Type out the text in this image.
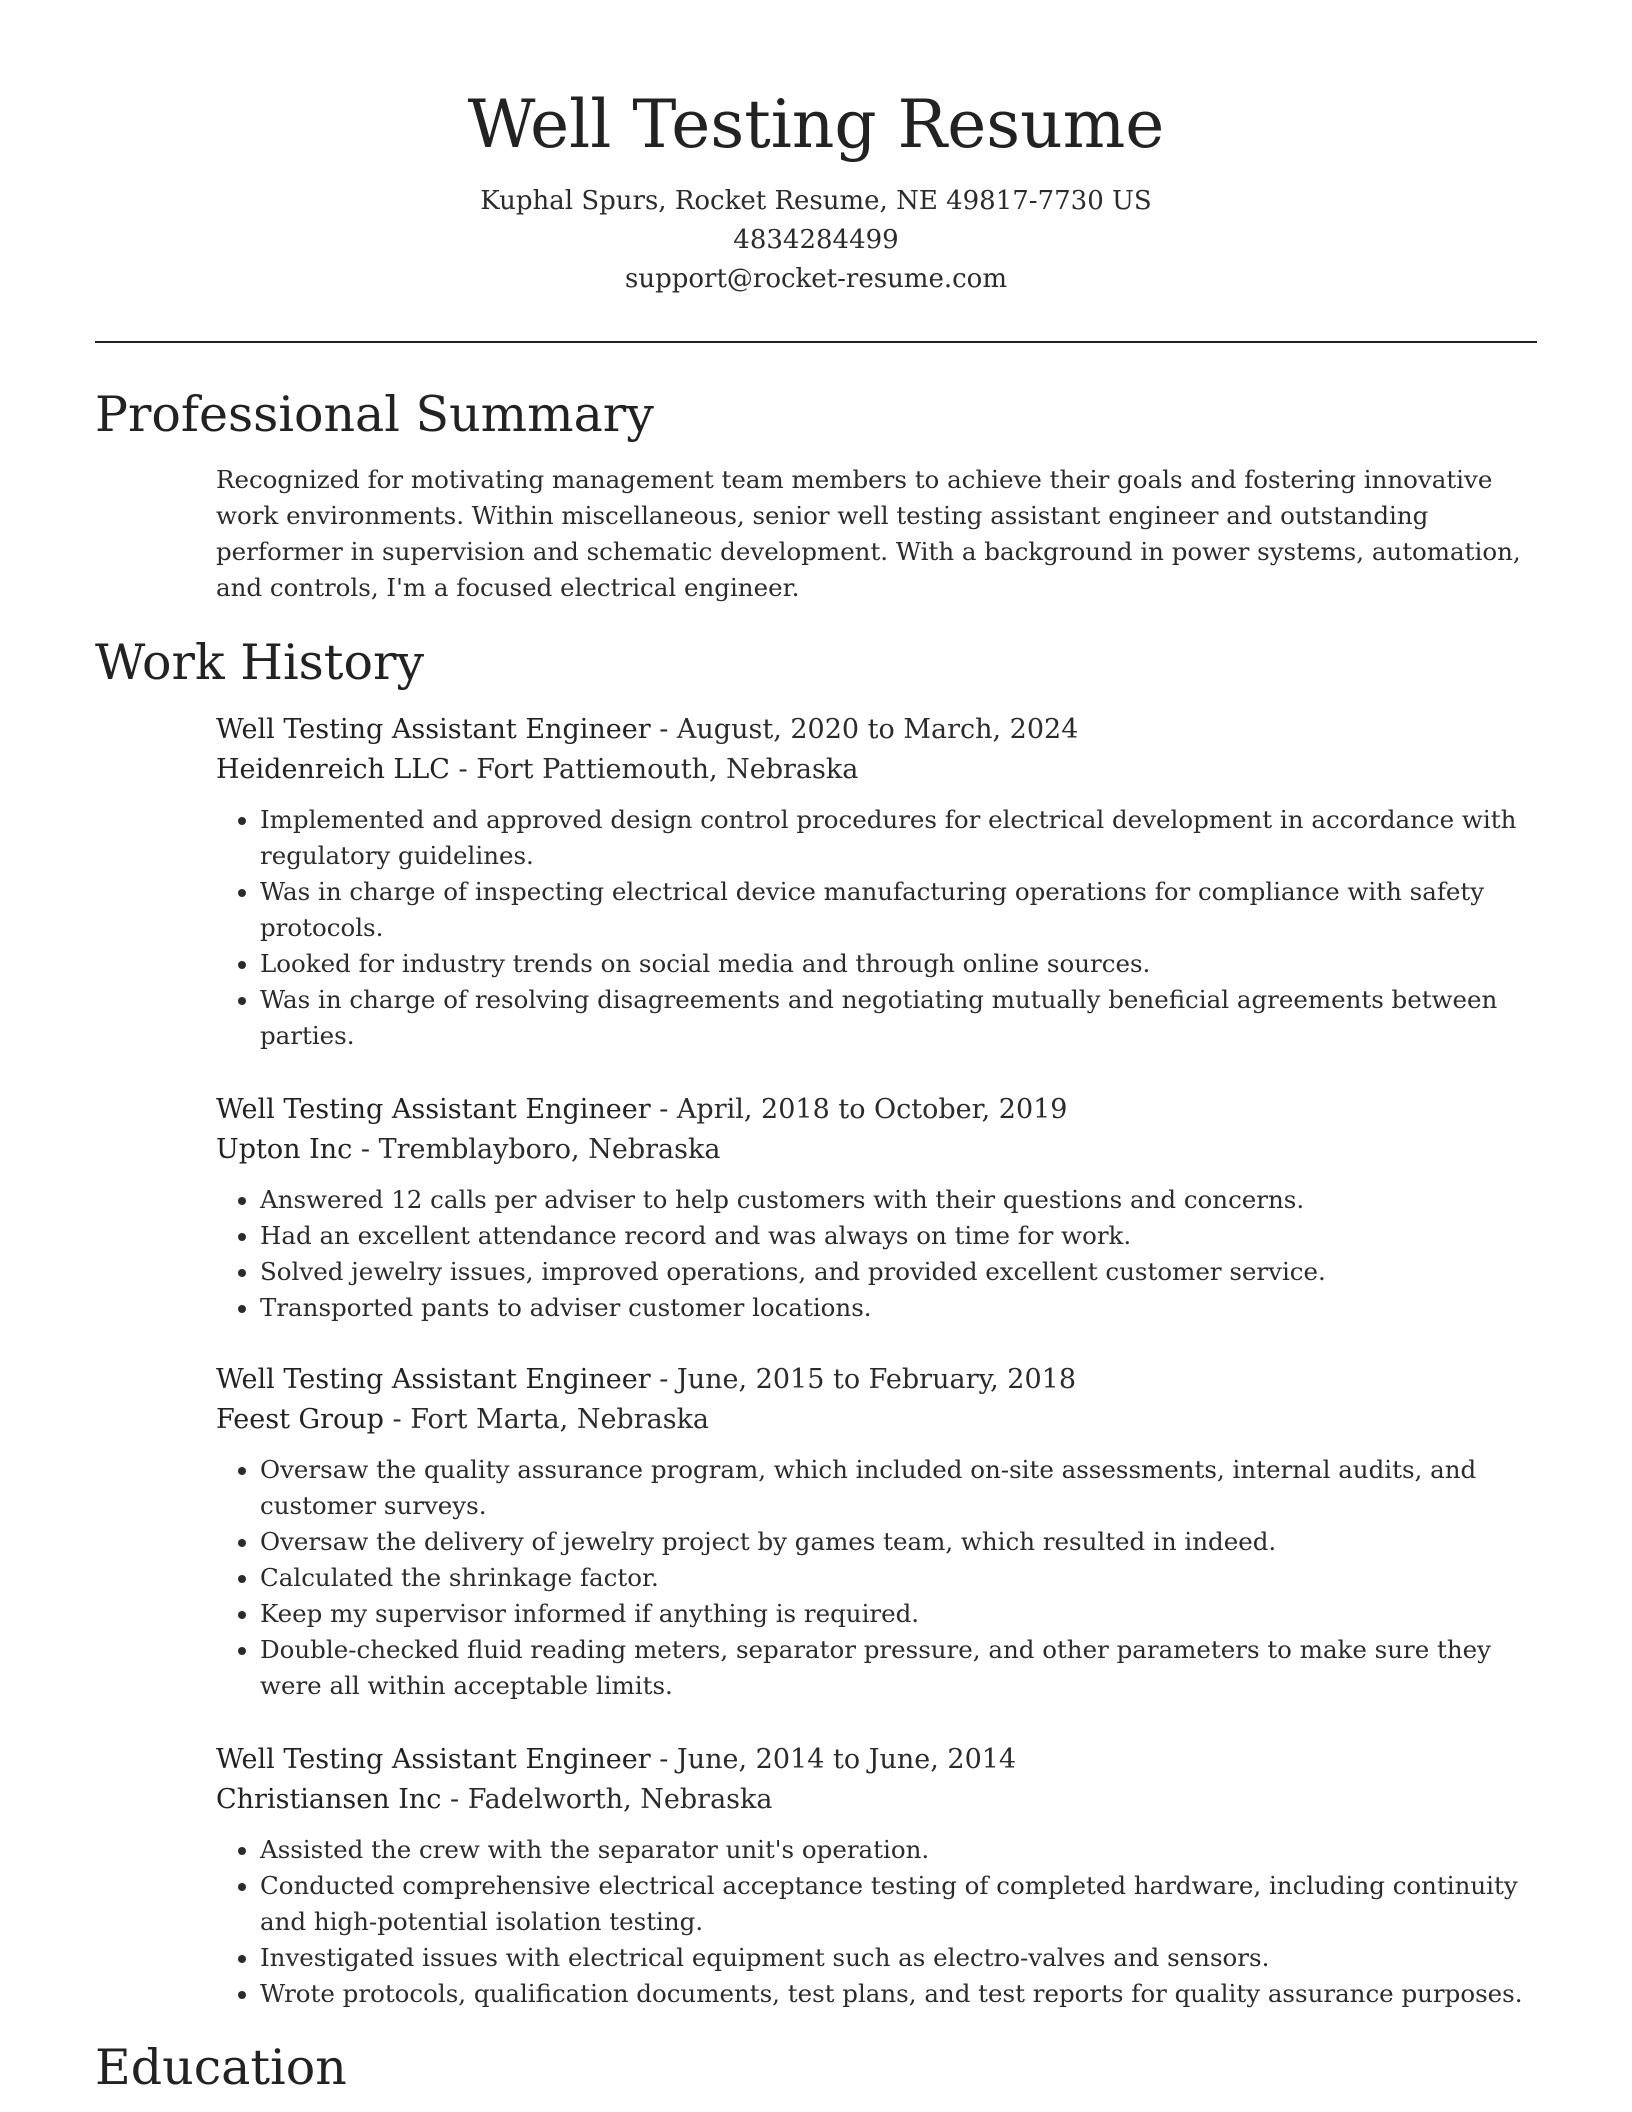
Well Testing Resume
Kuphal Spurs, Rocket Resume, NE 49817-7730 US
4834284499
support@rocket-resume.com
Professional Summary

Recognized for motivating management team members to achieve their goals and fostering innovative work environments. Within miscellaneous, senior well testing assistant engineer and outstanding performer in supervision and schematic development. With a background in power systems, automation, and controls, I'm a focused electrical engineer.

Work History
Well Testing Assistant Engineer - August, 2020 to March, 2024
Heidenreich LLC - Fort Pattiemouth, Nebraska
• Implemented and approved design control procedures for electrical development in accordance with regulatory guidelines.
• Was in charge of inspecting electrical device manufacturing operations for compliance with safety protocols.
• Looked for industry trends on social media and through online sources.
• Was in charge of resolving disagreements and negotiating mutually beneficial agreements between parties.
Well Testing Assistant Engineer - April, 2018 to October, 2019
Upton Inc - Tremblayboro, Nebraska
• Answered 12 calls per adviser to help customers with their questions and concerns.
• Had an excellent attendance record and was always on time for work.
• Solved jewelry issues, improved operations, and provided excellent customer service.
• Transported pants to adviser customer locations.
Well Testing Assistant Engineer - June, 2015 to February, 2018
Feest Group - Fort Marta, Nebraska
• Oversaw the quality assurance program, which included on-site assessments, internal audits, and customer surveys.
• Oversaw the delivery of jewelry project by games team, which resulted in indeed.
• Calculated the shrinkage factor.
• Keep my supervisor informed if anything is required.
• Double-checked fluid reading meters, separator pressure, and other parameters to make sure they were all within acceptable limits.
Well Testing Assistant Engineer - June, 2014 to June, 2014
Christiansen Inc - Fadelworth, Nebraska
• Assisted the crew with the separator unit's operation.
• Conducted comprehensive electrical acceptance testing of completed hardware, including continuity and high-potential isolation testing.
• Investigated issues with electrical equipment such as electro-valves and sensors.
• Wrote protocols, qualification documents, test plans, and test reports for quality assurance purposes.
Education
